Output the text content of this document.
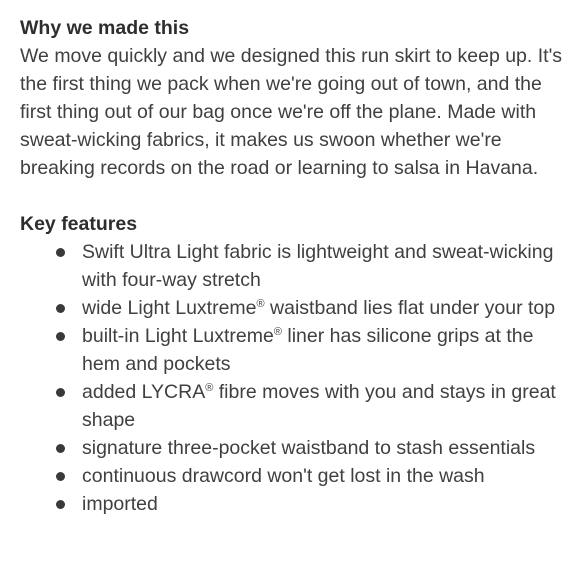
Why we made this

We move quickly and we designed this run skirt to keep up. It's the first thing we pack when we're going out of town, and the first thing out of our bag once we're off the plane. Made with sweat-wicking fabrics, it makes us swoon whether we're breaking records on the road or learning to salsa in Havana.

Key features
Swift Ultra Light fabric is lightweight and sweat-wicking with four-way stretch
wide Light Luxtreme® waistband lies flat under your top
built-in Light Luxtreme® liner has silicone grips at the hem and pockets
added LYCRA® fibre moves with you and stays in great shape
signature three-pocket waistband to stash essentials
continuous drawcord won't get lost in the wash
imported
